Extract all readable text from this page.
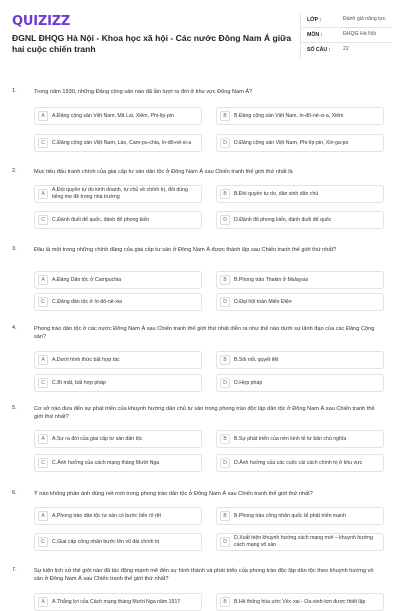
QUIZIZZ
ĐGNL ĐHQG Hà Nội - Khoa học xã hội - Các nước Đông Nam Á giữa hai cuộc chiến tranh
LỚP :	Đánh giá năng lực
MÔN :	ĐHQG Hà Nội
SỐ CÂU :	22
1.	Trong năm 1930, những Đảng cộng sản nào đã lần lượt ra đời ở khu vực Đông Nam Á?
A	A.Đảng cộng sản Việt Nam, Mã Lai, Xiêm, Phi-líp-pin	B	B.Đảng cộng sản Việt Nam, In-đô-nê-xi-a, Xiêm
C	C.Đảng cộng sản Việt Nam, Lào, Cam-pu-chia, In-đô-nê-xi-a	D	D.Đảng cộng sản Việt Nam, Phi-líp-pin, Xin-ga-po
2.	Mục tiêu đấu tranh chính của giai cấp tư sản dân tộc ở Đông Nam Á sau Chiến tranh thế giới thứ nhất là
A
A.Đòi quyền tự do kinh doanh, tự chủ về chính trị, đòi dùng tiếng mẹ đẻ trong nhà trường	B	B.Đòi quyền tự do, dân sinh dân chủ
C	C.Đánh đuổi đế quốc, đánh đổ phong kiến	D	D.Đánh đổ phong kiến, đánh đuổi đế quốc
3.	Đâu là một trong những chính đảng của giai cấp tư sản ở Đông Nam Á được thành lập sau Chiến tranh thế giới thứ nhất?
A	A.Đảng Dân tộc ở Campuchia	B	B.Phong trào Thakin ở Malaysia
C	C.Đảng dân tộc ở In-đô-nê-xia	D	D.Đại hội toàn Miến Điện
4.	Phong trào dân tộc ở các nước Đông Nam Á sau Chiến tranh thế giới thứ nhất diễn ra như thế nào dưới sự lãnh đạo của các Đảng Cộng sản?
A	A.Dưới hình thức bất hợp tác	B	B.Sôi nổi, quyết liệt
C	C.Bí mật, bất hợp pháp	D	D.Hợp pháp
5.	Cơ sở nào đưa đến sự phát triển của khuynh hướng dân chủ tư sản trong phong trào độc lập dân tộc ở Đông Nam Á sau Chiến tranh thế giới thứ nhất?
A	A.Sự ra đời của giai cấp tư sản dân tộc	B	B.Sự phát triển của nền kinh tế tư bản chủ nghĩa
C	C.Ảnh hưởng của cách mạng tháng Mười Nga	D	D.Ảnh hưởng của các cuộc cải cách chính trị ở khu vực
6.	Ý nào không phản ánh đúng nét mới trong phong trào dân tộc ở Đông Nam Á sau Chiến tranh thế giới thứ nhất?
A	A.Phong trào dân tộc tư sản có bước tiến rõ rệt	B	B.Phong trào công nhân quốc tế phát triển mạnh
C	C.Giai cấp công nhân bước lên vũ đài chính trị	D
D.Xuất hiện khuynh hướng cách mạng mới – khuynh hướng cách mạng vô sản
7.	Sự kiện lịch sử thế giới nào đã tác động mạnh mẽ đến sự hình thành và phát triển của phong trào độc lập dân tộc theo khuynh hướng vô sản ở Đông Nam Á sau Chiến tranh thế giới thứ nhất?
A	A.Thắng lợi của Cách mạng tháng Mười Nga năm 1917	B	B.Hệ thống hòa ước Véc-xai - Oa-sinh-tơn được thiết lập
